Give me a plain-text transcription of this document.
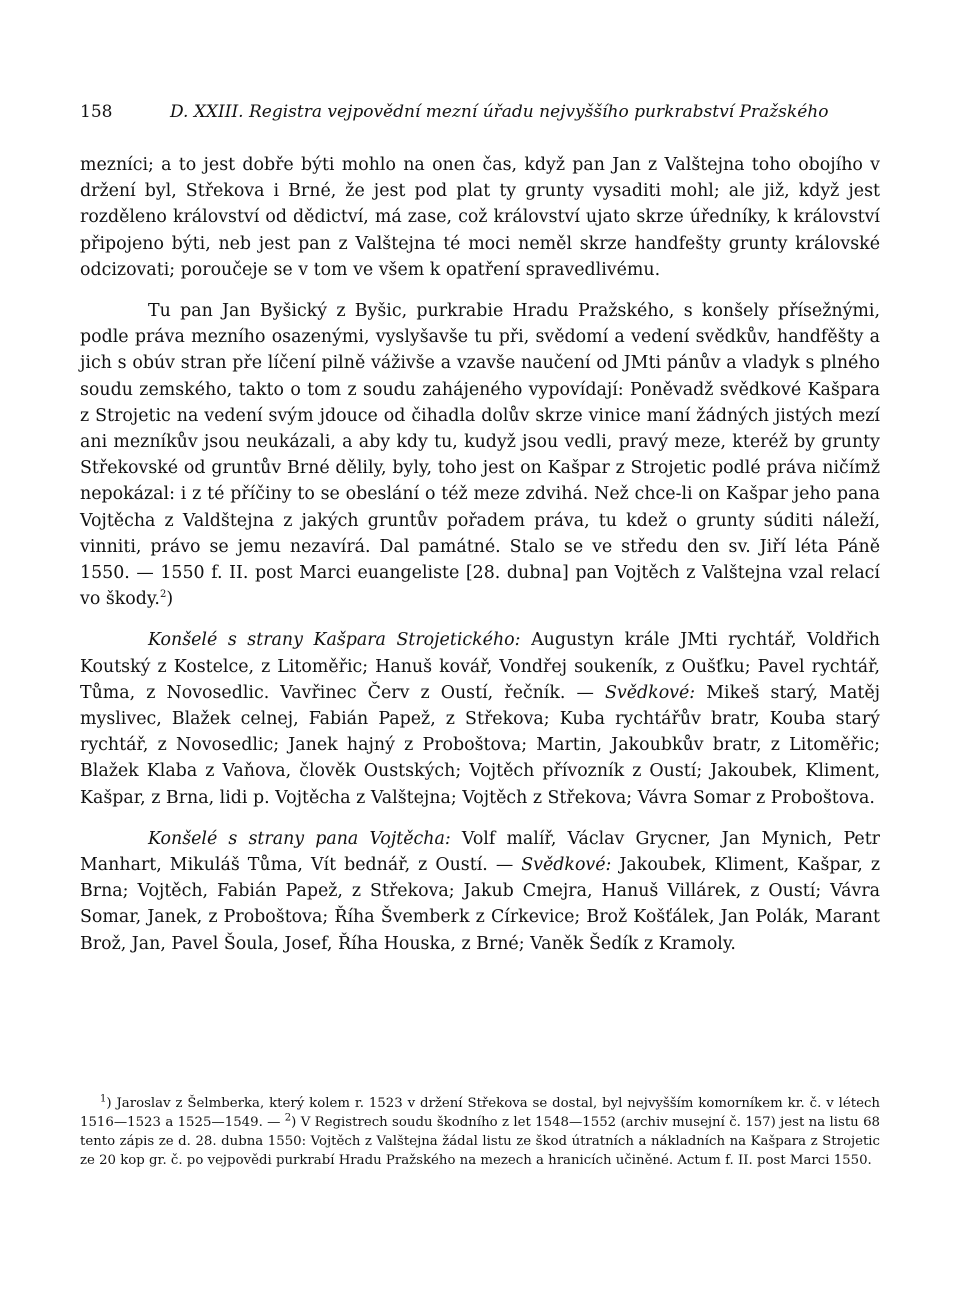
158	D. XXIII. Registra vejpovědní mezní úřadu nejvyššího purkrabství Pražského

mezníci; a to jest dobře býti mohlo na onen čas, když pan Jan z Valštejna toho obojího v držení byl, Střekova i Brné, že jest pod plat ty grunty vysaditi mohl; ale již, když jest rozděleno království od dědictví, má zase, což království ujato skrze úředníky, k království připojeno býti, neb jest pan z Valštejna té moci neměl skrze handfešty grunty královské odcizovati; poroučeje se v tom ve všem k opatření spravedlivému.

Tu pan Jan Byšický z Byšic, purkrabie Hradu Pražského, s konšely přísežnými, podle práva mezního osazenými, vyslyšavše tu při, svědomí a vedení svědkův, handfěšty a jich s obúv stran pře líčení pilně váživše a vzavše naučení od JMti pánův a vladyk s plného soudu zemského, takto o tom z soudu zahájeného vypovídají: Poněvadž svědkové Kašpara z Strojetic na vedení svým jdouce od čihadla dolův skrze vinice maní žádných jistých mezí ani mezníkův jsou neukázali, a aby kdy tu, kudyž jsou vedli, pravý meze, kteréž by grunty Střekovské od gruntův Brné dělily, byly, toho jest on Kašpar z Strojetic podlé práva ničímž nepokázal: i z té příčiny to se obeslání o též meze zdvihá. Než chce-li on Kašpar jeho pana Vojtěcha z Valdštejna z jakých gruntův pořadem práva, tu kdež o grunty súditi náleží, vinniti, právo se jemu nezavírá. Dal památné. Stalo se ve středu den sv. Jiří léta Páně 1550. — 1550 f. II. post Marci euangeliste [28. dubna] pan Vojtěch z Valštejna vzal relací vo škody.$^2$)

Konšelé s strany Kašpara Strojetického: Augustyn krále JMti rychtář, Voldřich Koutský z Kostelce, z Litoměřic; Hanuš kovář, Vondřej soukeník, z Oušťku; Pavel rychtář, Tůma, z Novosedlic. Vavřinec Červ z Oustí, řečník. — Svědkové: Mikeš starý, Matěj myslivec, Blažek celnej, Fabián Papež, z Střekova; Kuba rychtářův bratr, Kouba starý rychtář, z Novosedlic; Janek hajný z Proboštova; Martin, Jakoubkův bratr, z Litoměřic; Blažek Klaba z Vaňova, člověk Oustských; Vojtěch přívozník z Oustí; Jakoubek, Kliment, Kašpar, z Brna, lidi p. Vojtěcha z Valštejna; Vojtěch z Střekova; Vávra Somar z Proboštova.

Konšelé s strany pana Vojtěcha: Volf malíř, Václav Grycner, Jan Mynich, Petr Manhart, Mikuláš Tůma, Vít bednář, z Oustí. — Svědkové: Jakoubek, Kliment, Kašpar, z Brna; Vojtěch, Fabián Papež, z Střekova; Jakub Cmejra, Hanuš Villárek, z Oustí; Vávra Somar, Janek, z Proboštova; Říha Švemberk z Církevice; Brož Košťálek, Jan Polák, Marant Brož, Jan, Pavel Šoula, Josef, Říha Houska, z Brné; Vaněk Šedík z Kramoly.

$^1$) Jaroslav z Šelmberka, který kolem r. 1523 v držení Střekova se dostal, byl nejvyšším komorníkem kr. č. v létech 1516—1523 a 1525—1549. — $^2$) V Registrech soudu škodního z let 1548—1552 (archiv musejní č. 157) jest na listu 68 tento zápis ze d. 28. dubna 1550: Vojtěch z Valštejna žádal listu ze škod útratních a nákladních na Kašpara z Strojetic ze 20 kop gr. č. po vejpovědi purkrabí Hradu Pražského na mezech a hranicích učiněné. Actum f. II. post Marci 1550.
